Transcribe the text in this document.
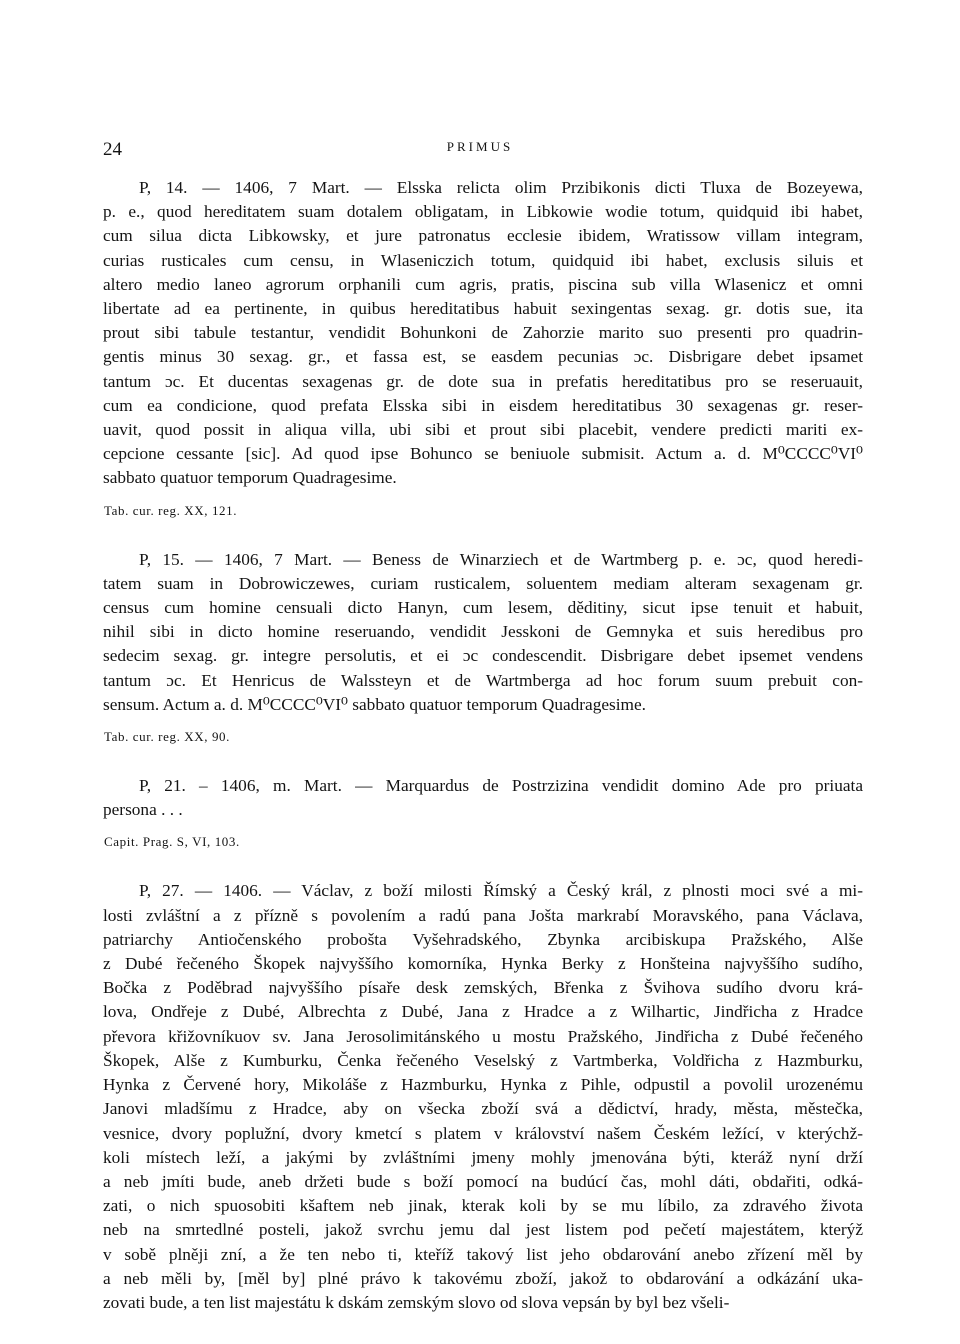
24	PRIMUS
P, 14. — 1406, 7 Mart. — Elsska relicta olim Przibikonis dicti Tluxa de Bozeyewa,
p. e., quod hereditatem suam dotalem obligatam, in Libkowie wodie totum, quidquid ibi habet,
cum silua dicta Libkowsky, et jure patronatus ecclesie ibidem, Wratissow villam integram,
curias rusticales cum censu, in Wlaseniczich totum, quidquid ibi habet, exclusis siluis et
altero medio laneo agrorum orphanili cum agris, pratis, piscina sub villa Wlasenicz et omni
libertate ad ea pertinente, in quibus hereditatibus habuit sexingentas sexag. gr. dotis sue, ita
prout sibi tabule testantur, vendidit Bohunkoni de Zahorzie marito suo presenti pro quadrin-
gentis minus 30 sexag. gr., et fassa est, se easdem pecunias ɔc. Disbrigare debet ipsamet
tantum ɔc. Et ducentas sexagenas gr. de dote sua in prefatis hereditatibus pro se reseruauit,
cum ea condicione, quod prefata Elsska sibi in eisdem hereditatibus 30 sexagenas gr. reser-
uavit, quod possit in aliqua villa, ubi sibi et prout sibi placebit, vendere predicti mariti ex-
cepcione cessante [sic]. Ad quod ipse Bohunco se beniuole submisit. Actum a. d. M⁰CCCC⁰VI⁰
sabbato quatuor temporum Quadragesime.
Tab. cur. reg. XX, 121.
P, 15. — 1406, 7 Mart. — Beness de Winarziech et de Wartmberg p. e. ɔc, quod heredi-
tatem suam in Dobrowiczewes, curiam rusticalem, soluentem mediam alteram sexagenam gr.
census cum homine censuali dicto Hanyn, cum lesem, děditiny, sicut ipse tenuit et habuit,
nihil sibi in dicto homine reseruando, vendidit Jesskoni de Gemnyka et suis heredibus pro
sedecim sexag. gr. integre persolutis, et ei ɔc condescendit. Disbrigare debet ipsemet vendens
tantum ɔc. Et Henricus de Walssteyn et de Wartmberga ad hoc forum suum prebuit con-
sensum. Actum a. d. M⁰CCCC⁰VI⁰ sabbato quatuor temporum Quadragesime.
Tab. cur. reg. XX, 90.
P, 21. – 1406, m. Mart. — Marquardus de Postrzizina vendidit domino Ade pro priuata
persona . . .
Capit. Prag. S, VI, 103.
P, 27. — 1406. — Václav, z boží milosti Římský a Český král, z plnosti moci své a mi-
losti zvláštní a z přízně s povolením a radú pana Jošta markrabí Moravského, pana Václava,
patriarchy Antiočenského proboštа Vyšehradského, Zbynka arcibiskupa Pražského, Alše
z Dubé řečeného Škopek najvyššího komorníka, Hynka Berky z Honšteina najvyššího sudího,
Bočka z Poděbrad najvyššího písaře desk zemských, Břenka z Švihova sudího dvoru krá-
lova, Ondřeje z Dubé, Albrechta z Dubé, Jana z Hradce a z Wilhartic, Jindřicha z Hradce
převora křižovníkuov sv. Jana Jerosolimitánského u mostu Pražského, Jindřicha z Dubé řečeného
Škopek, Alše z Kumburku, Čenka řečeného Veselský z Vartmberka, Voldřicha z Hazmburku,
Hynka z Červené hory, Mikoláše z Hazmburku, Hynka z Pihle, odpustil a povolil urozenému
Janovi mladšímu z Hradce, aby on všecka zboží svá a dědictví, hrady, města, městečka,
vesnice, dvory poplužní, dvory kmetcí s platem v království našem Českém ležící, v kterýchž-
koli místech leží, a jakými by zvláštními jmeny mohly jmenována býti, kteráž nyní drží
a neb jmíti bude, aneb držeti bude s boží pomocí na budúcí čas, mohl dáti, obdařiti, odká-
zati, o nich spuosobiti kšaftem neb jinak, kterak koli by se mu líbilo, za zdravého života
neb na smrtedlné posteli, jakož svrchu jemu dal jest listem pod pečetí majestátem, kterýž
v sobě plněji zní, a že ten nebo ti, kteříž takový list jeho obdarování anebo zřízení měl by
a neb měli by, [měl by] plné právo k takovému zboží, jakož to obdarování a odkázání uka-
zovati bude, a ten list majestátu k dskám zemským slovo od slova vepsán by byl bez všeli-
